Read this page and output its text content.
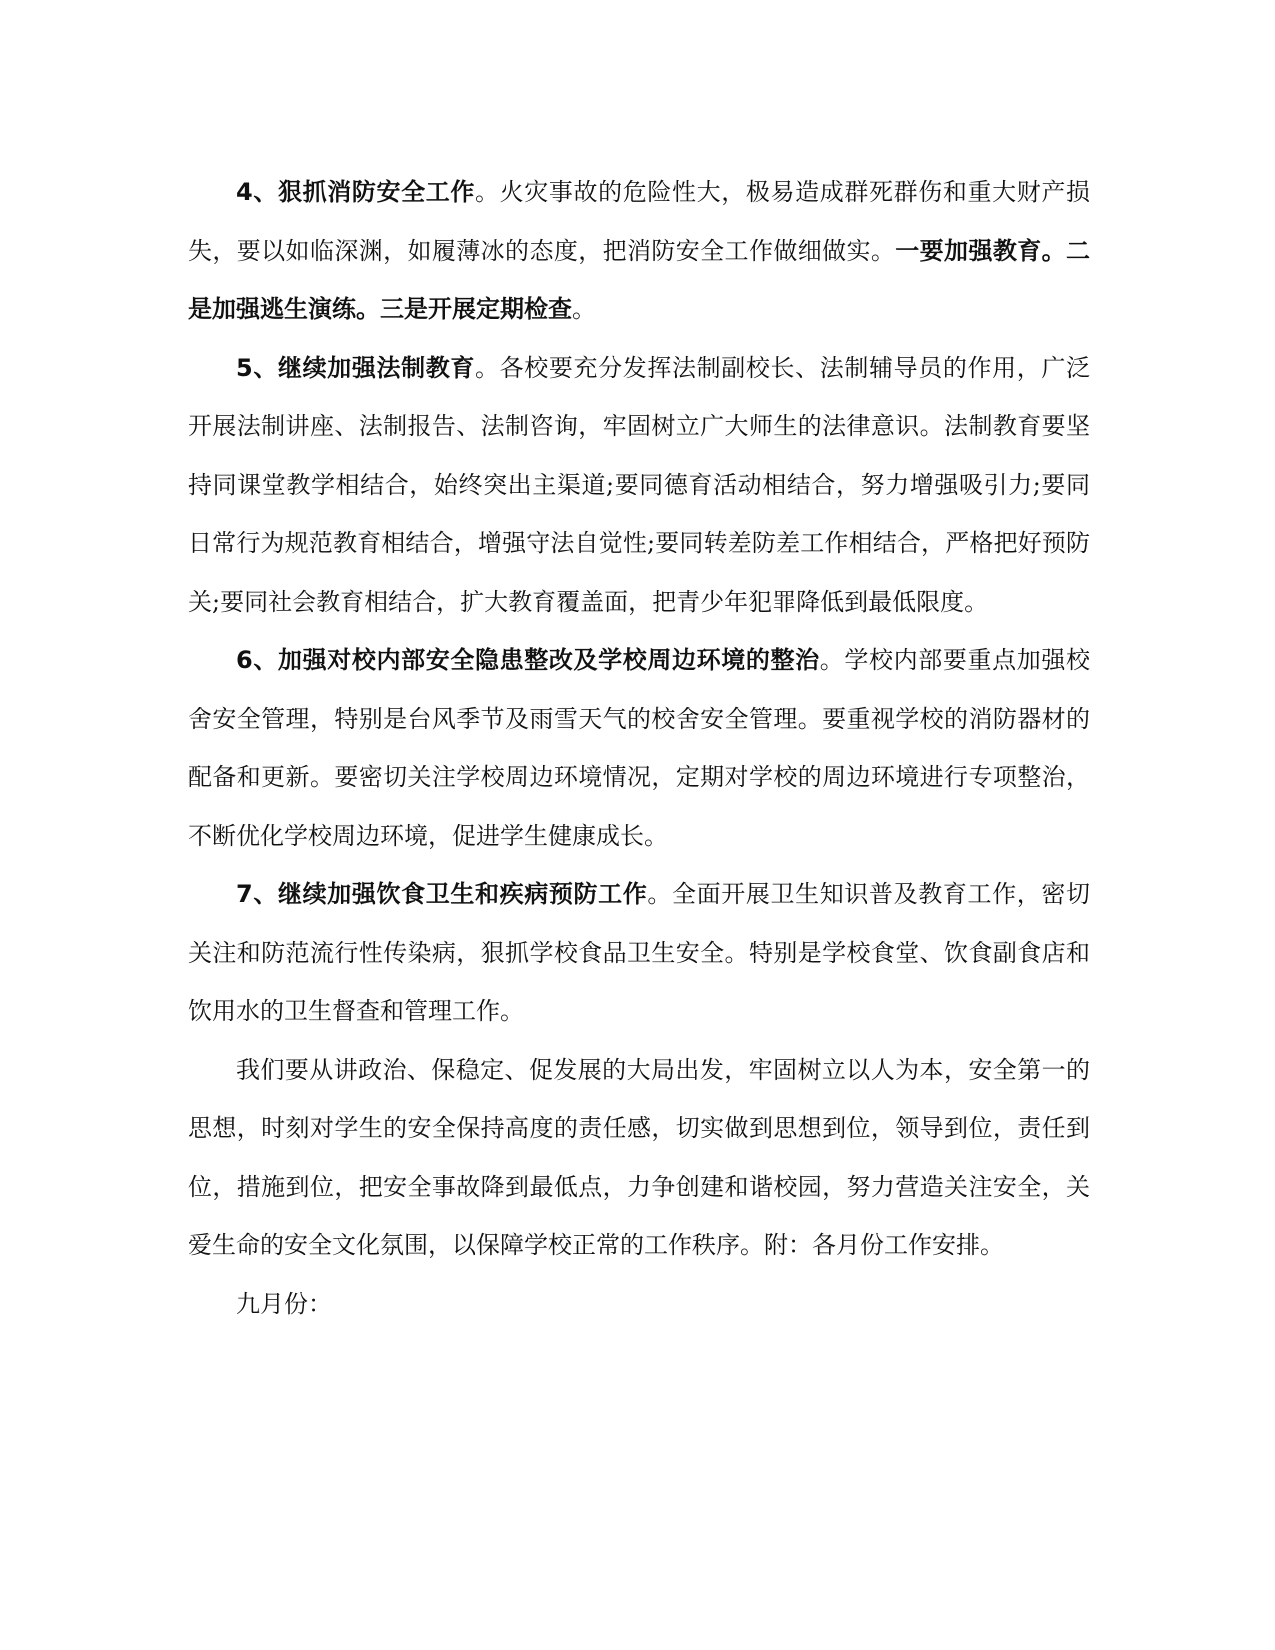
4、狠抓消防安全工作。火灾事故的危险性大，极易造成群死群伤和重大财产损失，要以如临深渊，如履薄冰的态度，把消防安全工作做细做实。一要加强教育。二是加强逃生演练。三是开展定期检查。

5、继续加强法制教育。各校要充分发挥法制副校长、法制辅导员的作用，广泛开展法制讲座、法制报告、法制咨询，牢固树立广大师生的法律意识。法制教育要坚持同课堂教学相结合，始终突出主渠道;要同德育活动相结合，努力增强吸引力;要同日常行为规范教育相结合，增强守法自觉性;要同转差防差工作相结合，严格把好预防关;要同社会教育相结合，扩大教育覆盖面，把青少年犯罪降低到最低限度。

6、加强对校内部安全隐患整改及学校周边环境的整治。学校内部要重点加强校舍安全管理，特别是台风季节及雨雪天气的校舍安全管理。要重视学校的消防器材的配备和更新。要密切关注学校周边环境情况，定期对学校的周边环境进行专项整治，不断优化学校周边环境，促进学生健康成长。

7、继续加强饮食卫生和疾病预防工作。全面开展卫生知识普及教育工作，密切关注和防范流行性传染病，狠抓学校食品卫生安全。特别是学校食堂、饮食副食店和饮用水的卫生督查和管理工作。

我们要从讲政治、保稳定、促发展的大局出发，牢固树立以人为本，安全第一的思想，时刻对学生的安全保持高度的责任感，切实做到思想到位，领导到位，责任到位，措施到位，把安全事故降到最低点，力争创建和谐校园，努力营造关注安全，关爱生命的安全文化氛围，以保障学校正常的工作秩序。附：各月份工作安排。

九月份：
